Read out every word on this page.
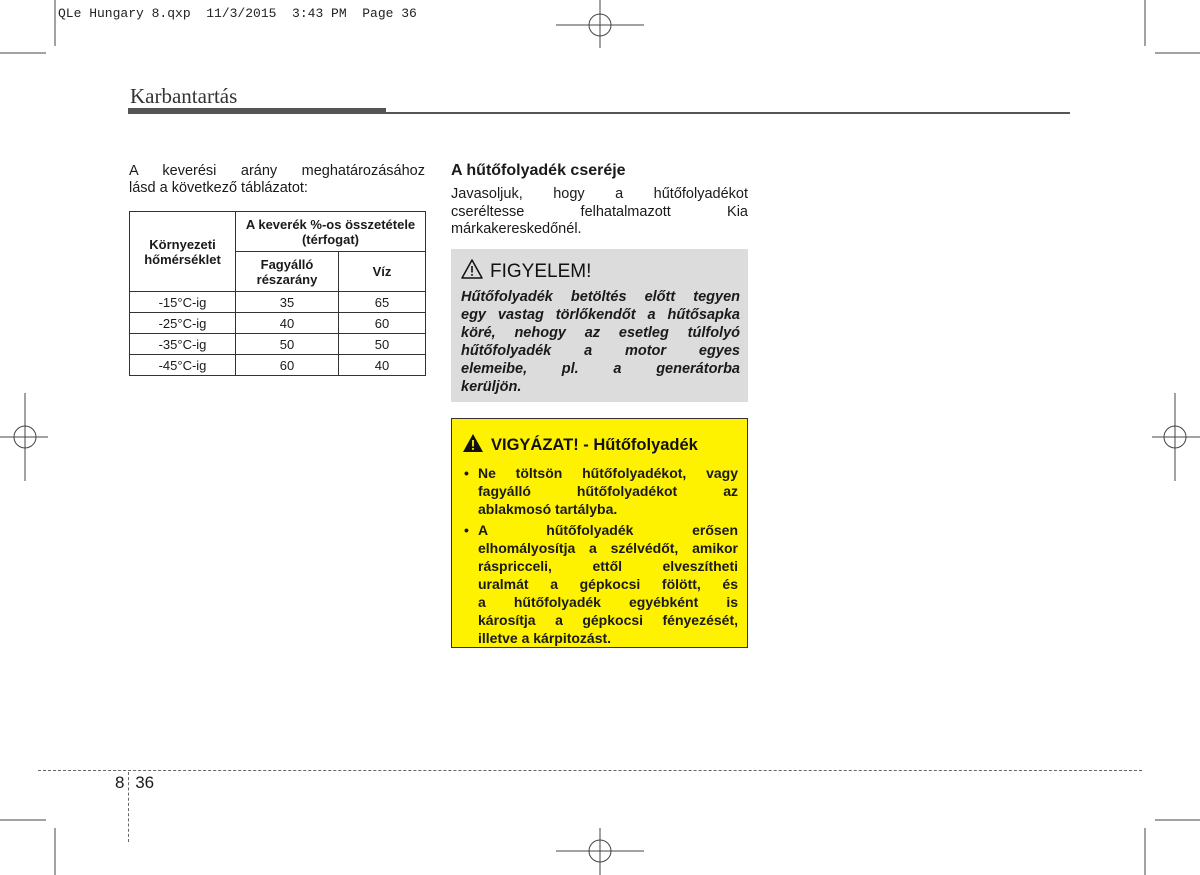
QLe Hungary 8.qxp  11/3/2015  3:43 PM  Page 36
Karbantartás
A keverési arány meghatározásához
lásd a következő táblázatot:
Környezeti
hőmérséklet	A keverék %-os összetétele
(térfogat)	
	Fagyálló
részarány	Víz
-15°C-ig	35	65
-25°C-ig	40	60
-35°C-ig	50	50
-45°C-ig	60	40
A hűtőfolyadék cseréje
Javasoljuk, hogy a hűtőfolyadékot
cseréltesse felhatalmazott Kia
márkakereskedőnél.
FIGYELEM!
Hűtőfolyadék betöltés előtt tegyen
egy vastag törlőkendőt a hűtősapka
köré, nehogy az esetleg túlfolyó
hűtőfolyadék a motor egyes
elemeibe, pl. a generátorba
kerüljön.
VIGYÁZAT! - Hűtőfolyadék
• Ne töltsön hűtőfolyadékot, vagy
fagyálló hűtőfolyadékot az
ablakmosó tartályba.
• A hűtőfolyadék erősen
elhomályosítja a szélvédőt, amikor
ráspricceli, ettől elveszítheti
uralmát a gépkocsi fölött, és
a hűtőfolyadék egyébként is
károsítja a gépkocsi fényezését,
illetve a kárpitozást.
8 36
